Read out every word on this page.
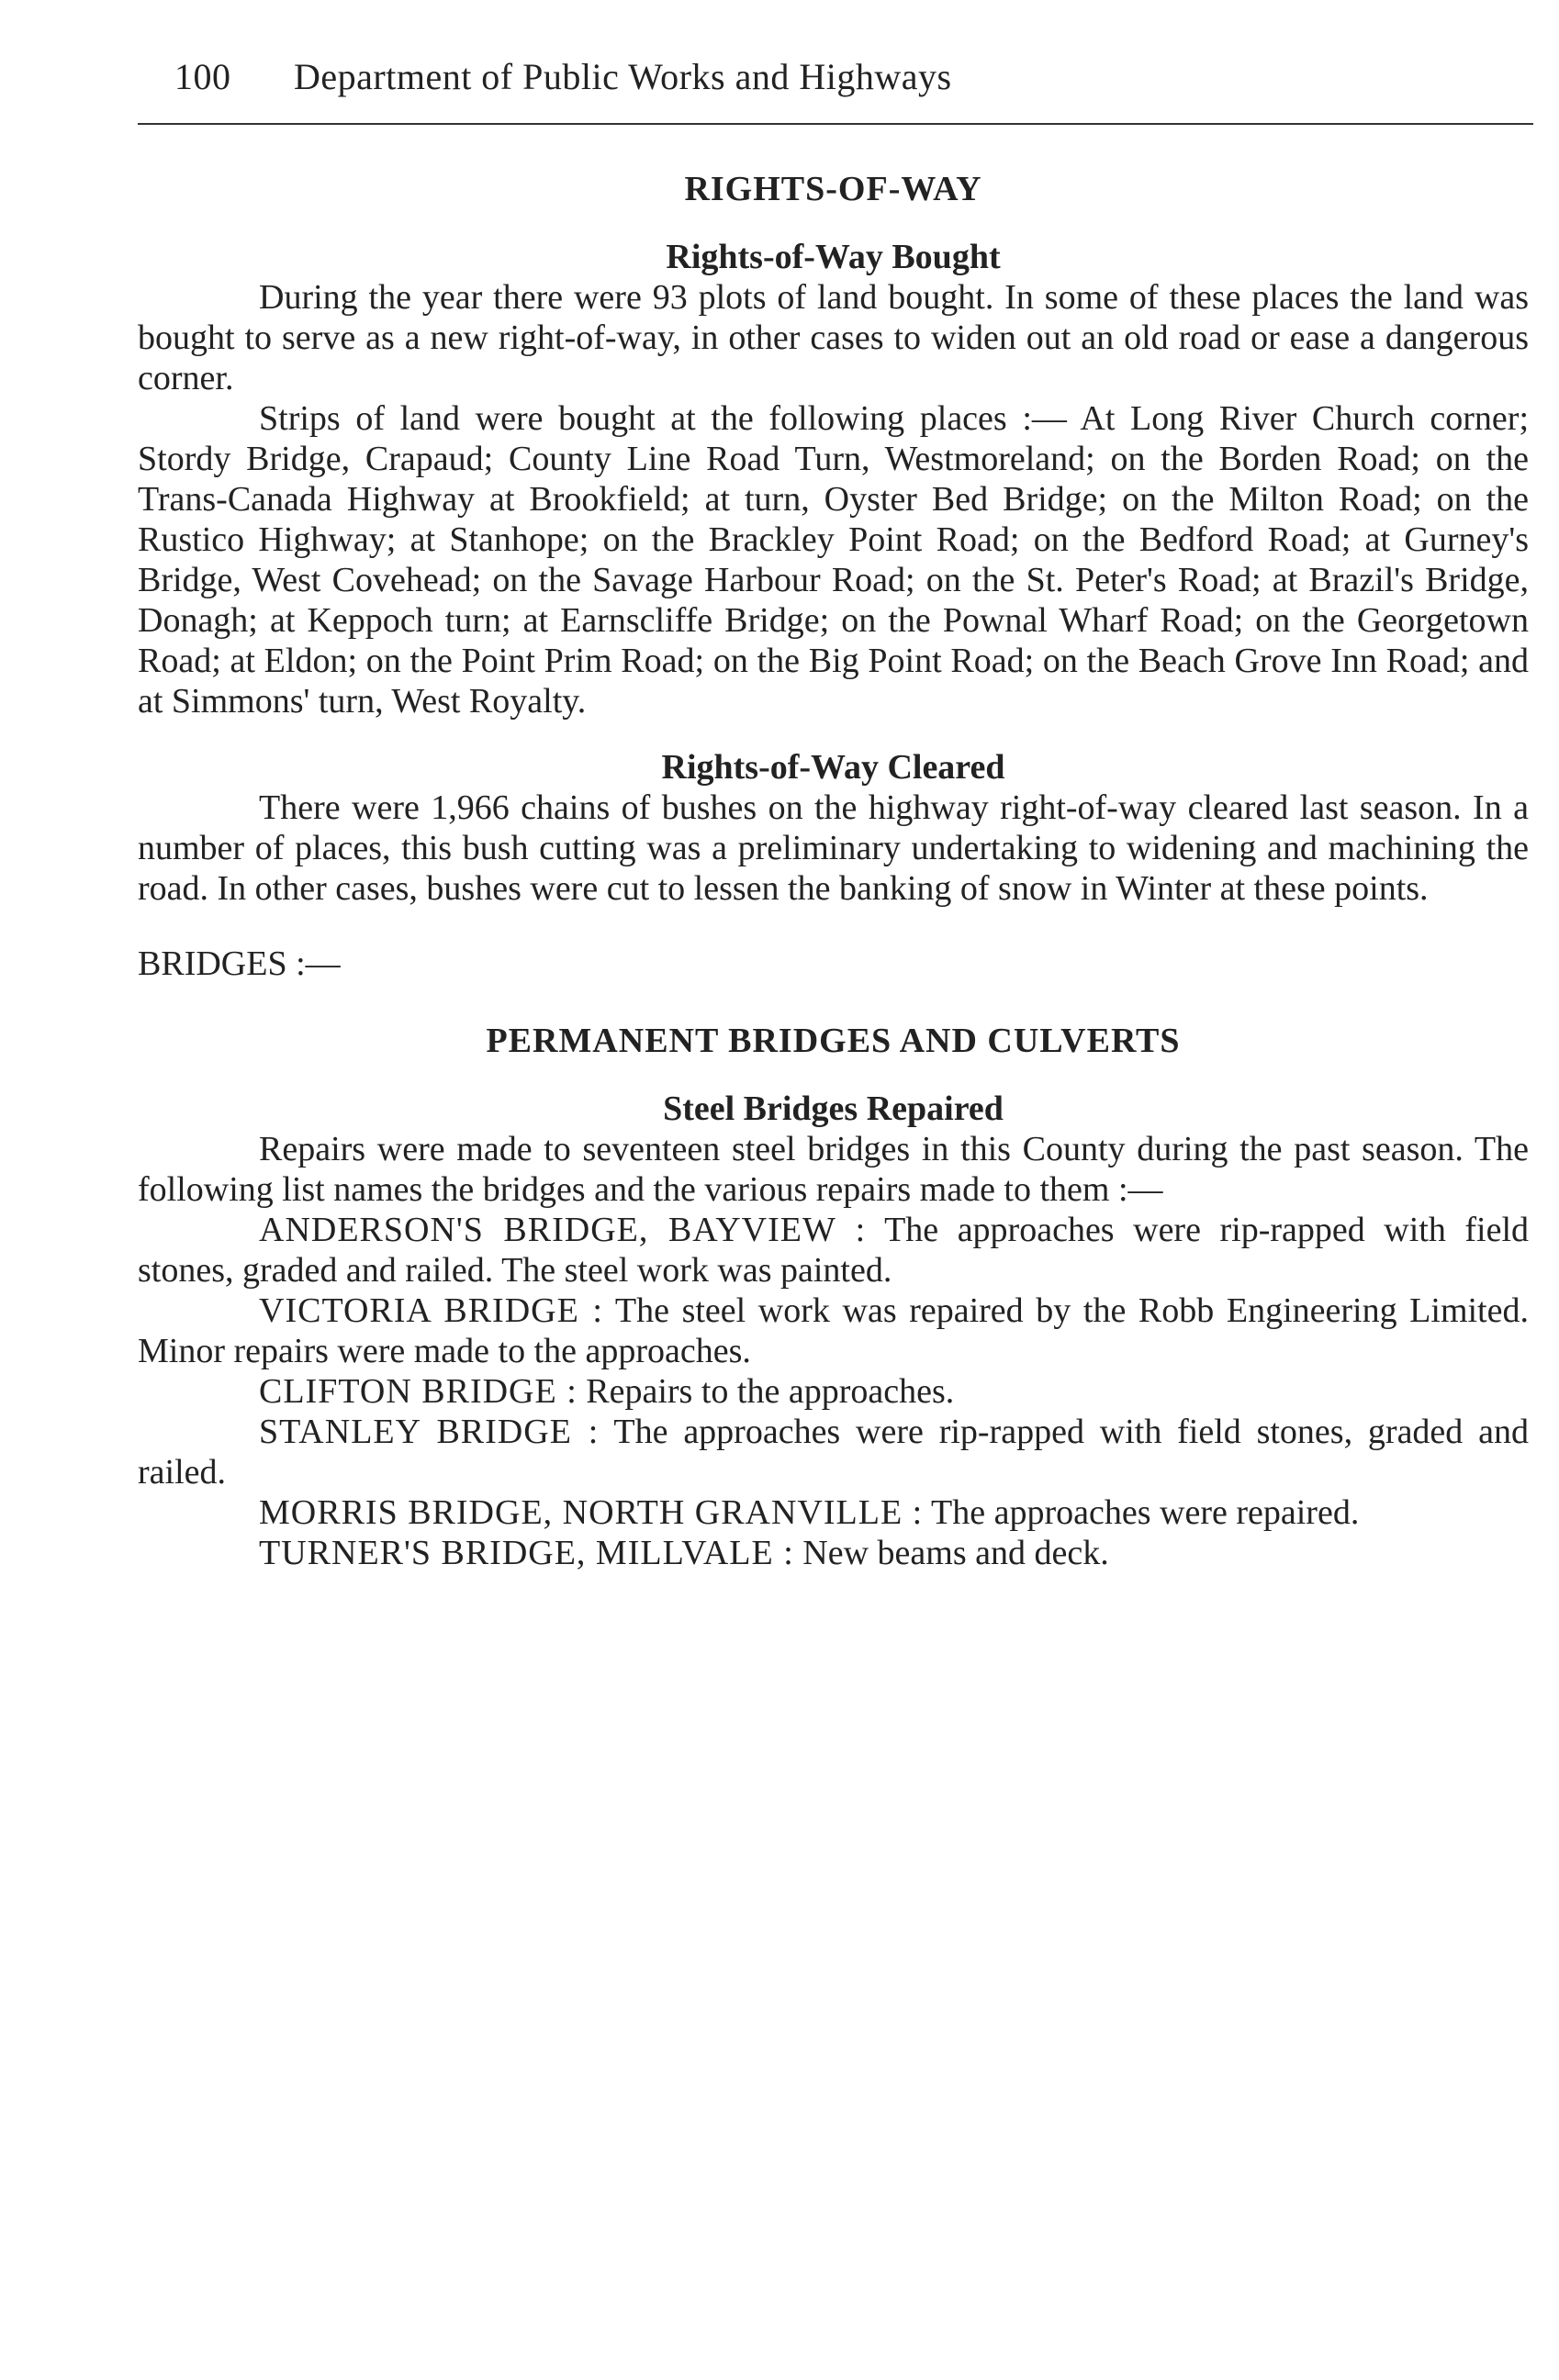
100	Department of Public Works and Highways
RIGHTS-OF-WAY
Rights-of-Way Bought

During the year there were 93 plots of land bought. In some of these places the land was bought to serve as a new right-of-way, in other cases to widen out an old road or ease a dangerous corner.

Strips of land were bought at the following places :— At Long River Church corner; Stordy Bridge, Crapaud; County Line Road Turn, Westmoreland; on the Borden Road; on the Trans-Canada Highway at Brookfield; at turn, Oyster Bed Bridge; on the Milton Road; on the Rustico Highway; at Stanhope; on the Brackley Point Road; on the Bedford Road; at Gurney's Bridge, West Covehead; on the Savage Harbour Road; on the St. Peter's Road; at Brazil's Bridge, Donagh; at Keppoch turn; at Earnscliffe Bridge; on the Pownal Wharf Road; on the Georgetown Road; at Eldon; on the Point Prim Road; on the Big Point Road; on the Beach Grove Inn Road; and at Simmons' turn, West Royalty.

Rights-of-Way Cleared

There were 1,966 chains of bushes on the highway right-of-way cleared last season. In a number of places, this bush cutting was a preliminary undertaking to widening and machining the road. In other cases, bushes were cut to lessen the banking of snow in Winter at these points.

BRIDGES :—
PERMANENT BRIDGES AND CULVERTS
Steel Bridges Repaired

Repairs were made to seventeen steel bridges in this County during the past season. The following list names the bridges and the various repairs made to them :—

ANDERSON'S BRIDGE, BAYVIEW : The approaches were rip-rapped with field stones, graded and railed. The steel work was painted.

VICTORIA BRIDGE : The steel work was repaired by the Robb Engineering Limited. Minor repairs were made to the approaches.

CLIFTON BRIDGE : Repairs to the approaches.

STANLEY BRIDGE : The approaches were rip-rapped with field stones, graded and railed.

MORRIS BRIDGE, NORTH GRANVILLE : The approaches were repaired.

TURNER'S BRIDGE, MILLVALE : New beams and deck.
